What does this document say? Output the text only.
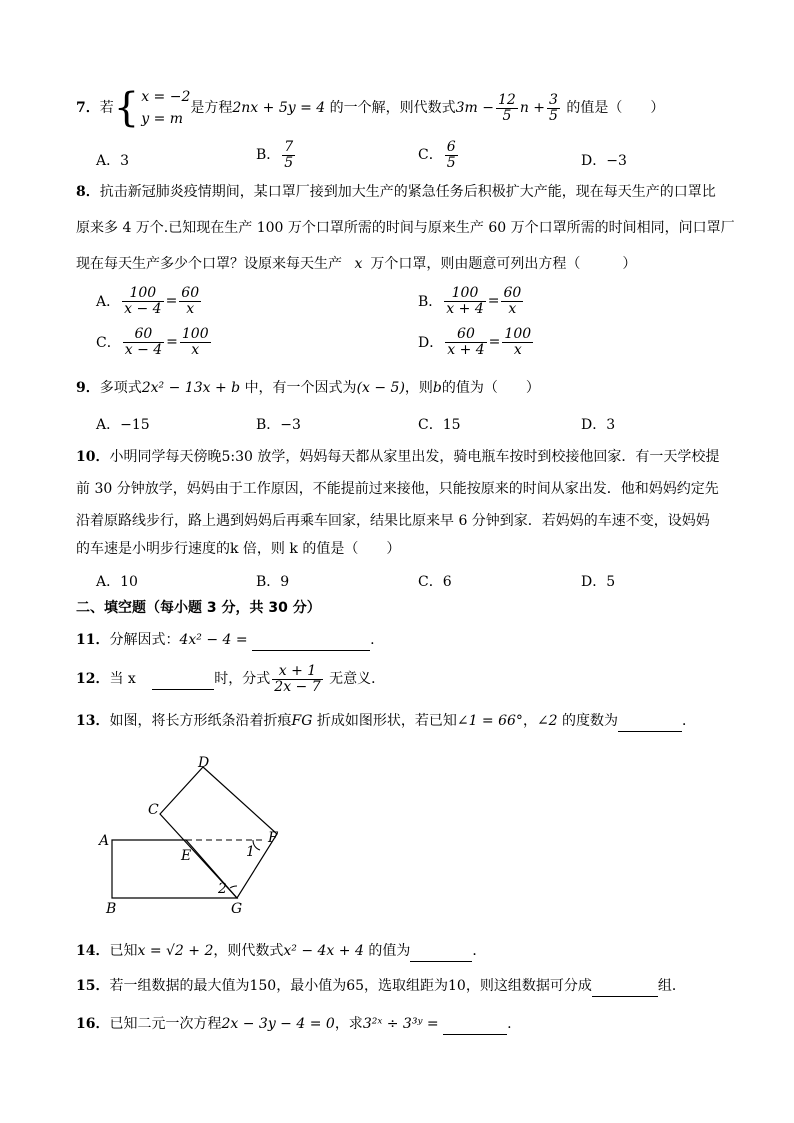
7．若{ x = −2
y = m
是方程2nx + 5y = 4 的一个解，则代数式$3m - \frac{12}{5}$ $n + \frac{3}{5}$ 的值是（　　）
A．3	B． $\frac{7}{5}$	C． $\frac{6}{5}$	D．−3
8．抗击新冠肺炎疫情期间，某口罩厂接到加大生产的紧急任务后积极扩大产能，现在每天生产的口罩比
原来多 4 万个.已知现在生产 100 万个口罩所需的时间与原来生产 60 万个口罩所需的时间相同，问口罩厂
现在每天生产多少个口罩？设原来每天生产 x 万个口罩，则由题意可列出方程（　　　）
A． $\frac{100}{x - 4} = \frac{60}{x}$	B． $\frac{100}{x + 4} = \frac{60}{x}$
C． $\frac{60}{x - 4} = \frac{100}{x}$	D． $\frac{60}{x + 4} = \frac{100}{x}$
9．多项式2x² − 13x + b 中，有一个因式为(x − 5)，则b的值为（　　）
A．−15	B．−3	C．15	D．3
10．小明同学每天傍晚5:30 放学，妈妈每天都从家里出发，骑电瓶车按时到校接他回家．有一天学校提
前 30 分钟放学，妈妈由于工作原因，不能提前过来接他，只能按原来的时间从家出发．他和妈妈约定先
沿着原路线步行，路上遇到妈妈后再乘车回家，结果比原来早 6 分钟到家．若妈妈的车速不变，设妈妈
的车速是小明步行速度的k 倍，则 k 的值是（　　）
A．10	B．9	C．6	D．5
二、填空题（每小题 3 分，共 30 分）
11．分解因式：4x² − 4 =	.
12．当 x	时，分式 $\frac{x + 1}{2x - 7}$ 无意义．
13．如图，将长方形纸条沿着折痕FG 折成如图形状，若已知∠1 = 66°，∠2 的度数为	．
A
B
C
D
E
F
G
1
2
14．已知x = √2 + 2，则代数式x² − 4x + 4 的值为	．
15．若一组数据的最大值为150，最小值为65，选取组距为10，则这组数据可分成	组．
16．已知二元一次方程2x − 3y − 4 = 0，求3²ˣ ÷ 3³ʸ =	.
